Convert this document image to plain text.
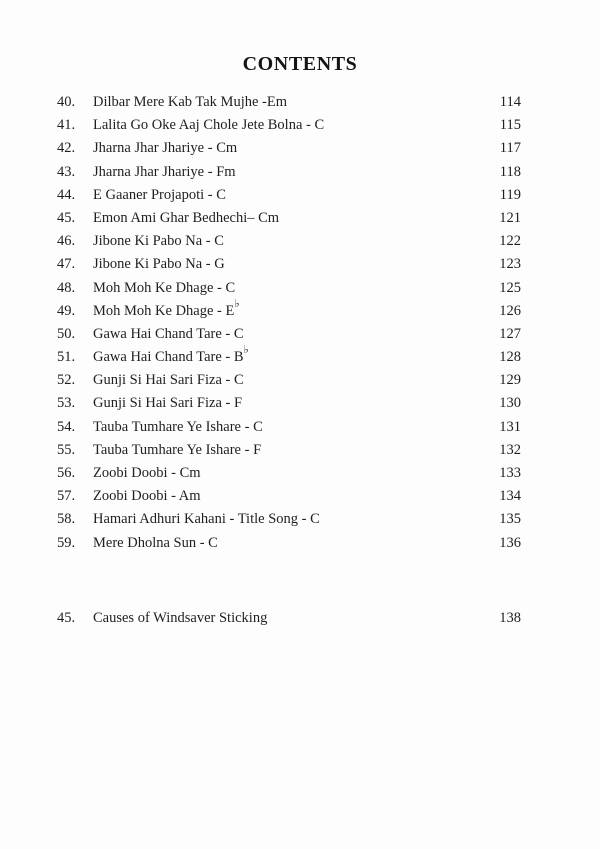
CONTENTS
40.	Dilbar Mere Kab Tak Mujhe -Em	114
41.	Lalita Go Oke Aaj Chole Jete Bolna - C	115
42.	Jharna Jhar Jhariye - Cm	117
43.	Jharna Jhar Jhariye - Fm	118
44.	E Gaaner Projapoti - C	119
45.	Emon Ami Ghar Bedhechi– Cm	121
46.	Jibone Ki Pabo Na - C	122
47.	Jibone Ki Pabo Na - G	123
48.	Moh Moh Ke Dhage - C	125
49.	Moh Moh Ke Dhage - E♭	126
50.	Gawa Hai Chand Tare - C	127
51.	Gawa Hai Chand Tare - B♭	128
52.	Gunji Si Hai Sari Fiza - C	129
53.	Gunji Si Hai Sari Fiza - F	130
54.	Tauba Tumhare Ye Ishare - C	131
55.	Tauba Tumhare Ye Ishare - F	132
56.	Zoobi Doobi - Cm	133
57.	Zoobi Doobi - Am	134
58.	Hamari Adhuri Kahani - Title Song - C	135
59.	Mere Dholna Sun - C	136
45.	Causes of Windsaver Sticking	138
